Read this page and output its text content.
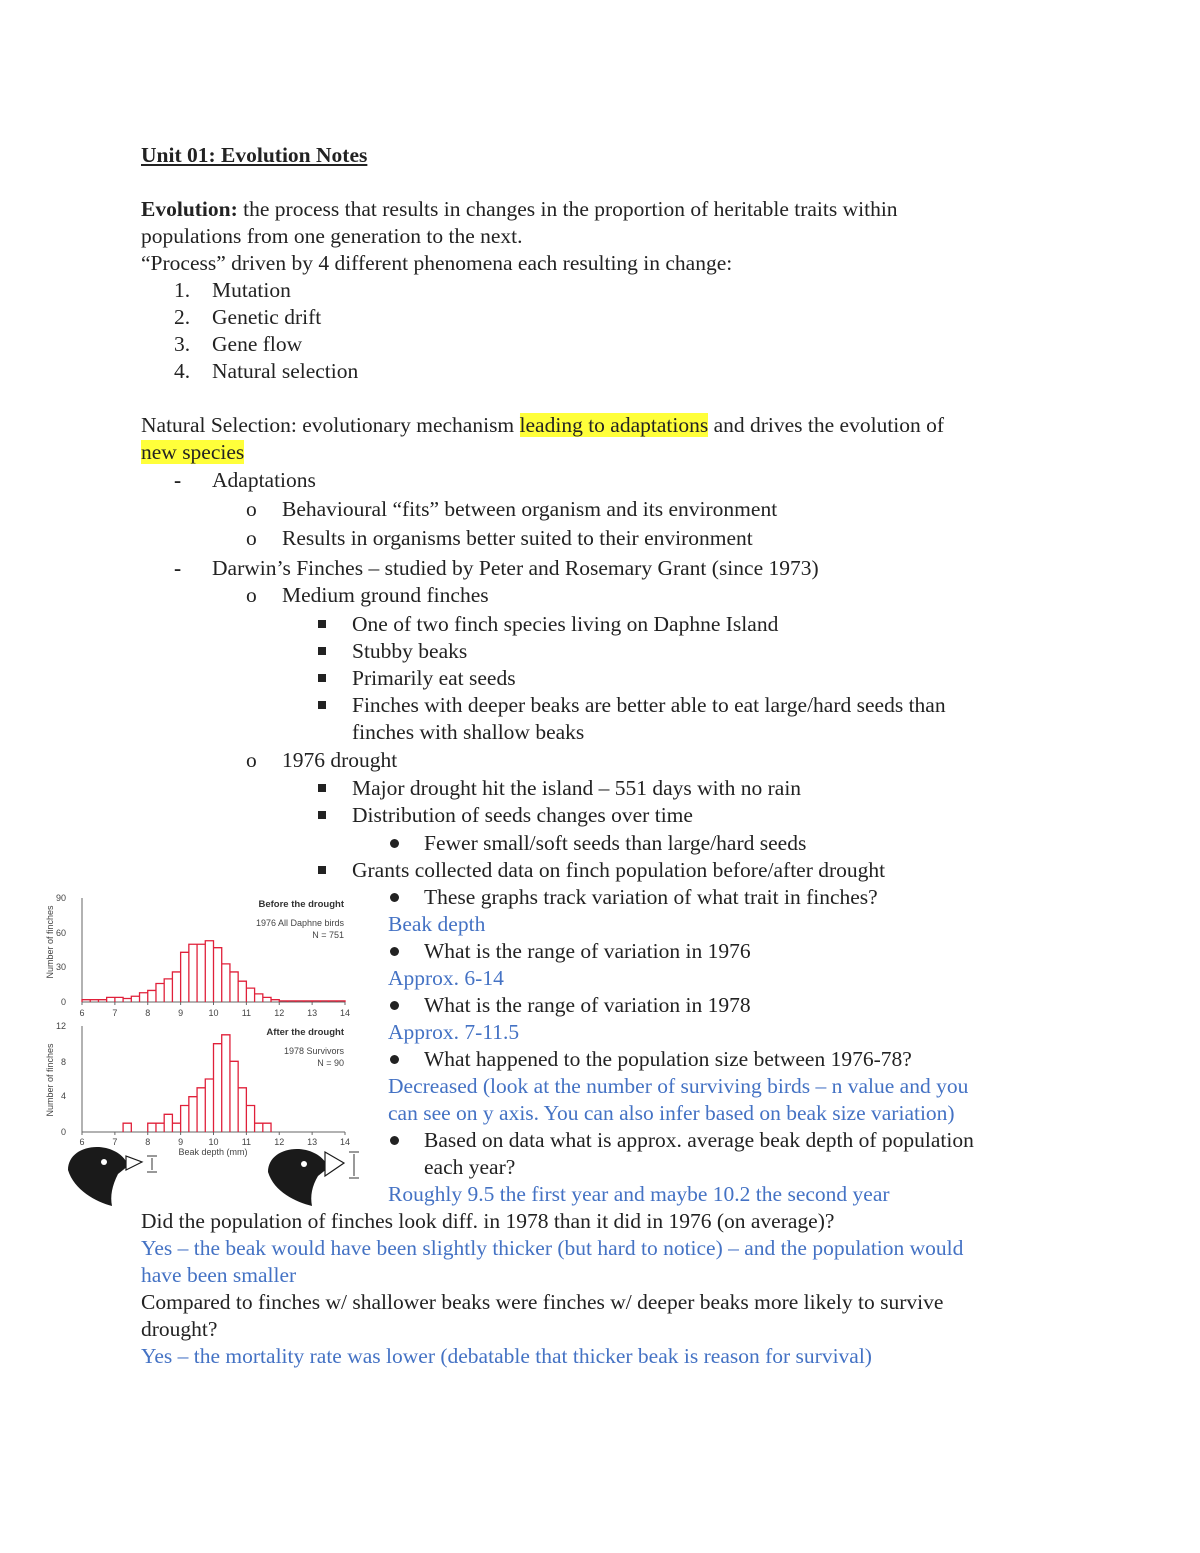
Unit 01: Evolution Notes
Evolution: the process that results in changes in the proportion of heritable traits within
populations from one generation to the next.
“Process” driven by 4 different phenomena each resulting in change:
1. Mutation
2. Genetic drift
3. Gene flow
4. Natural selection
Natural Selection: evolutionary mechanism leading to adaptations and drives the evolution of
new species
- Adaptations
o Behavioural “fits” between organism and its environment
o Results in organisms better suited to their environment
- Darwin’s Finches – studied by Peter and Rosemary Grant (since 1973)
o Medium ground finches
One of two finch species living on Daphne Island
Stubby beaks
Primarily eat seeds
Finches with deeper beaks are better able to eat large/hard seeds than
finches with shallow beaks
o 1976 drought
Major drought hit the island – 551 days with no rain
Distribution of seeds changes over time
Fewer small/soft seeds than large/hard seeds
Grants collected data on finch population before/after drought
These graphs track variation of what trait in finches?
Beak depth
What is the range of variation in 1976
Approx. 6-14
What is the range of variation in 1978
Approx. 7-11.5
What happened to the population size between 1976-78?
Decreased (look at the number of surviving birds – n value and you
can see on y axis. You can also infer based on beak size variation)
Based on data what is approx. average beak depth of population
each year?
Roughly 9.5 the first year and maybe 10.2 the second year
Did the population of finches look diff. in 1978 than it did in 1976 (on average)?
Yes – the beak would have been slightly thicker (but hard to notice) – and the population would
have been smaller
Compared to finches w/ shallower beaks were finches w/ deeper beaks more likely to survive
drought?
Yes – the mortality rate was lower (debatable that thicker beak is reason for survival)
Number of finches
90
60
30
0
6	7	8	9	10	11	12	13	14
Before the drought
1976 All Daphne birds
N = 751
Number of finches
12
8
4
0
6	7	8	9	10	11	12	13	14
After the drought
1978 Survivors
N = 90
Beak depth (mm)
